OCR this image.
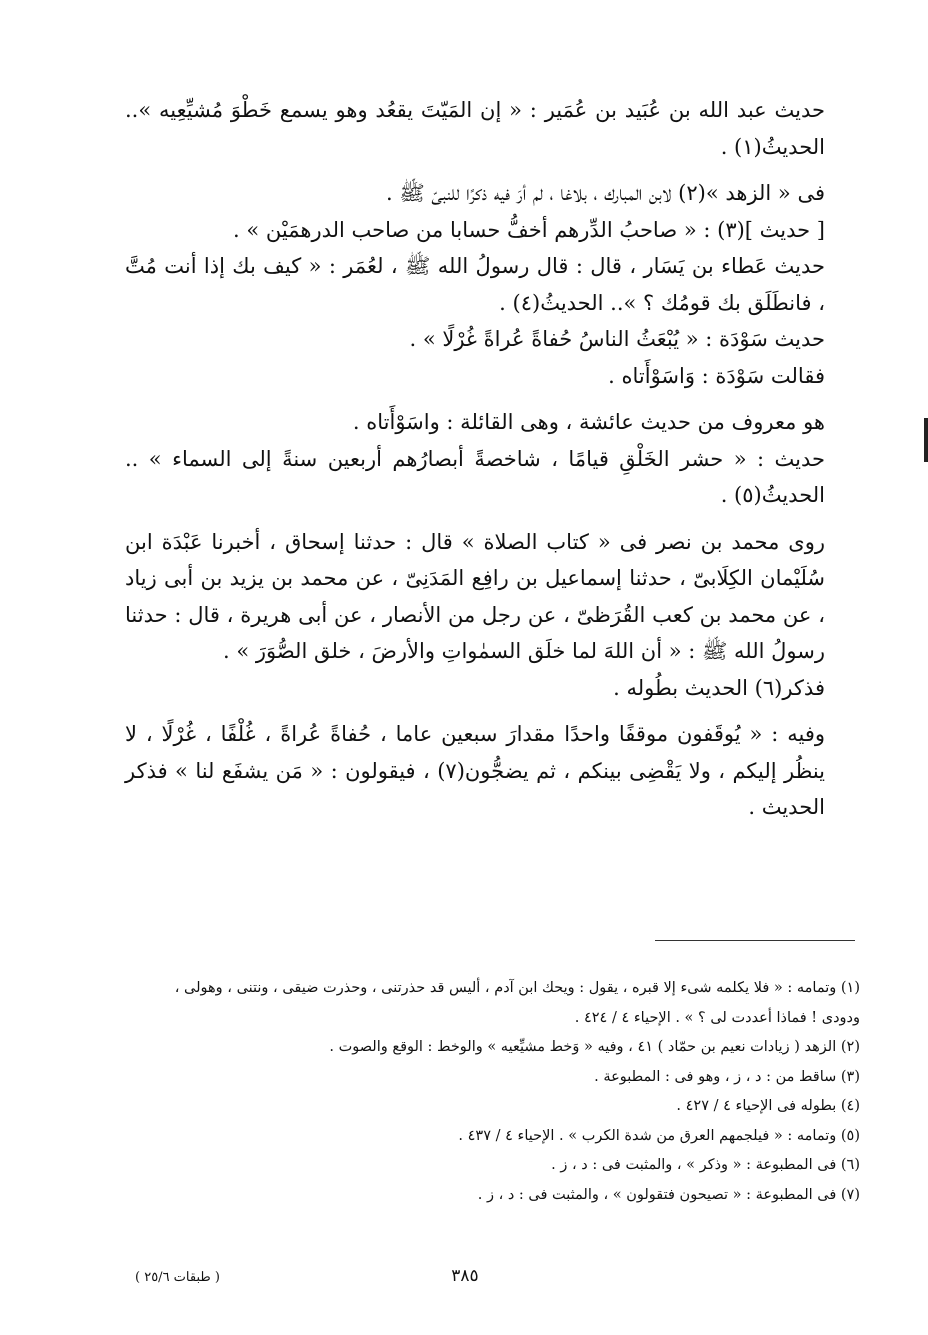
حديث عبد الله بن عُبَيد بن عُمَير : « إن المَيّتَ يقعُد وهو يسمع خَطْوَ مُشيِّعِيه ».. الحديثُ(١) .

فى « الزهد »(٢) لابن المبارك ، بلاغا ، لم أرَ فيه ذكرًا للنبىّ ﷺ .

[ حديث ](٣) : « صاحبُ الدِّرهم أخفُّ حسابا من صاحب الدرهمَيْن » .

حديث عَطاء بن يَسَار ، قال : قال رسولُ الله ﷺ ، لعُمَر : « كيف بك إذا أنت مُتَّ ، فانطَلَق بك قومُك ؟ ».. الحديثُ(٤) .

حديث سَوْدَة : « يُبْعَثُ الناسُ حُفاةً عُراةً غُرْلًا » .

فقالت سَوْدَة : وَاسَوْأَتاه .

هو معروف من حديث عائشة ، وهى القائلة : واسَوْأَتاه .

حديث : « حشر الخَلْقِ قيامًا ، شاخصةً أبصارُهم أربعين سنةً إلى السماء » .. الحديثُ(٥) .

روى محمد بن نصر فى « كتاب الصلاة » قال : حدثنا إسحاق ، أخبرنا عَبْدَة ابن سُلَيْمان الكِلَابىّ ، حدثنا إسماعيل بن رافِع المَدَنِىّ ، عن محمد بن يزيد بن أبى زياد ، عن محمد بن كعب القُرَظىّ ، عن رجل من الأنصار ، عن أبى هريرة ، قال : حدثنا رسولُ الله ﷺ : « أن اللهَ لما خلَق السمٰواتِ والأرضَ ، خلق الصُّوَرَ » .

فذكر(٦) الحديث بطُوله .

وفيه : « يُوقَفون موقفًا واحدًا مقدارَ سبعين عاما ، حُفاةً عُراةً ، غُلْفًا ، غُرْلًا ، لا ينظُر إليكم ، ولا يَقْضِى بينكم ، ثم يضجُّون(٧) ، فيقولون : « مَن يشفَع لنا » فذكر الحديث .

(١) وتمامه : « فلا يكلمه شىء إلا قبره ، يقول : ويحك ابن آدم ، أليس قد حذرتنى ، وحذرت ضيقى ، ونتنى ، وهولى ،
ودودى ! فماذا أعددت لى ؟ » . الإحياء ٤ / ٤٢٤ .
(٢) الزهد ( زيادات نعيم بن حمّاد ) ٤١ ، وفيه « وَخط مشيِّعيه » والوخط : الوقع والصوت .
(٣) ساقط من : د ، ز ، وهو فى : المطبوعة .
(٤) بطوله فى الإحياء ٤ / ٤٢٧ .
(٥) وتمامه : « فيلجمهم العرق من شدة الكرب » . الإحياء ٤ / ٤٣٧ .
(٦) فى المطبوعة : « وذكر » ، والمثبت فى : د ، ز .
(٧) فى المطبوعة : « تصيحون فتقولون » ، والمثبت فى : د ، ز .
٣٨٥
( طبقات ٢٥/٦ )
